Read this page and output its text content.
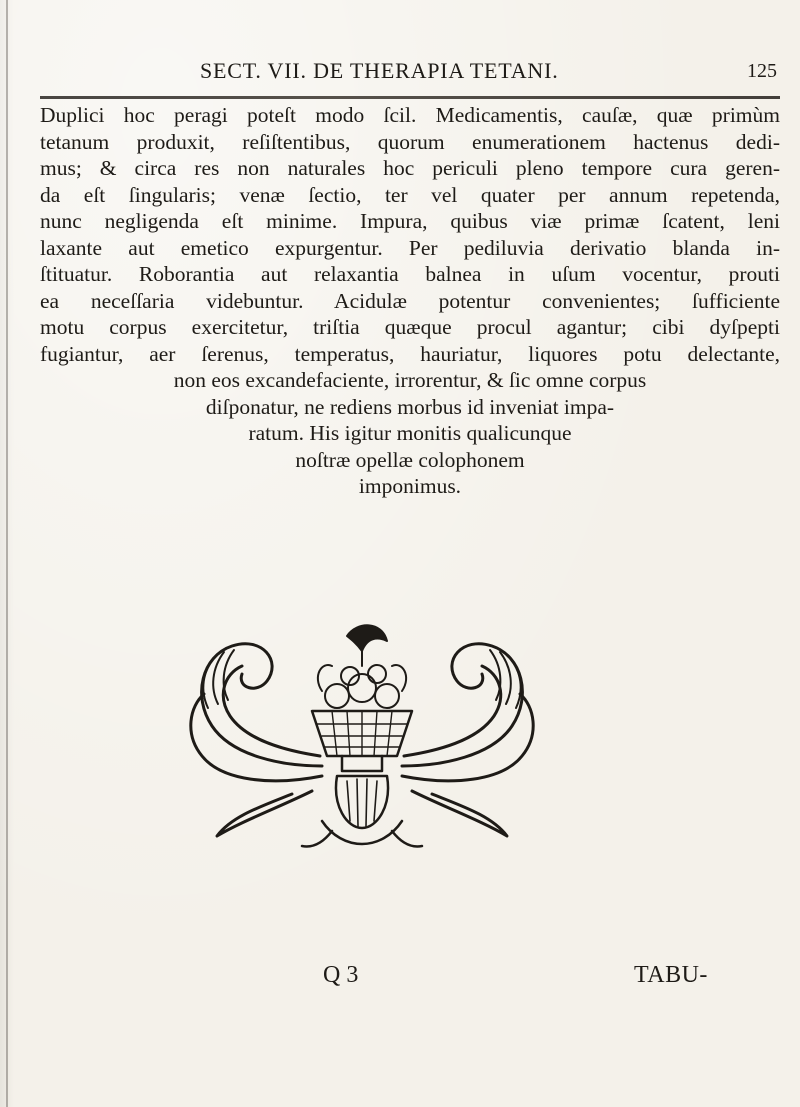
SECT. VII. DE THERAPIA TETANI.	125
Duplici hoc peragi poteſt modo ſcil. Medicamentis, cauſæ, quæ primùm
tetanum produxit, reſiſtentibus, quorum enumerationem hactenus dedi-
mus; & circa res non naturales hoc periculi pleno tempore cura geren-
da eſt ſingularis; venæ ſectio, ter vel quater per annum repetenda,
nunc negligenda eſt minime. Impura, quibus viæ primæ ſcatent, leni
laxante aut emetico expurgentur. Per pediluvia derivatio blanda in-
ſtituatur. Roborantia aut relaxantia balnea in uſum vocentur, prouti
ea neceſſaria videbuntur. Acidulæ potentur convenientes; ſufficiente
motu corpus exercitetur, triſtia quæque procul agantur; cibi dyſpepti
fugiantur, aer ſerenus, temperatus, hauriatur, liquores potu delectante,
non eos excandefaciente, irrorentur, & ſic omne corpus
diſponatur, ne rediens morbus id inveniat impa-
ratum. His igitur monitis qualicunque
noſtræ opellæ colophonem
imponimus.
Q 3	TABU-
